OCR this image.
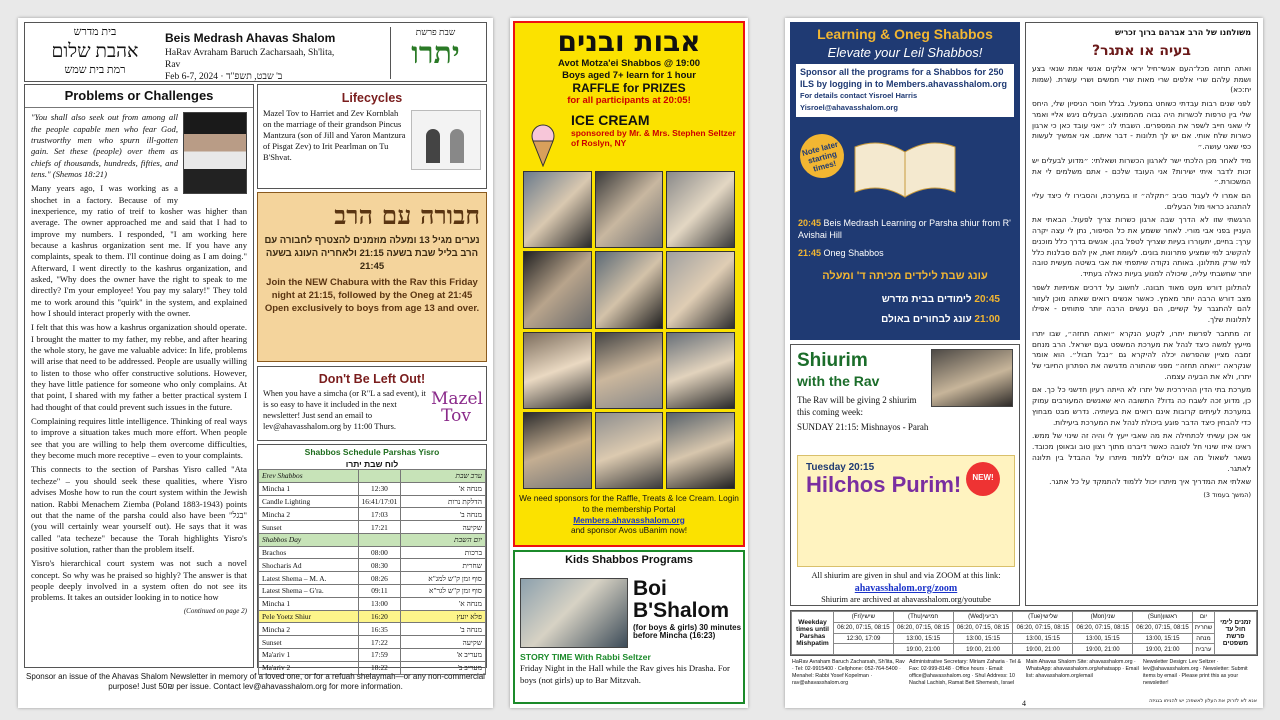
בית מדרש
אהבת שלום
רמת בית שמש
Beis Medrash Ahavas Shalom
HaRav Avraham Baruch Zacharsaah, Sh'lita, Rav
Feb 6-7, 2024 · ב' שבט, תשפ"ד
שבת פרשת
יתרו
Problems or Challenges

"You shall also seek out from among all the people capable men who fear God, trustworthy men who spurn ill-gotten gain. Set these (people) over them as chiefs of thousands, hundreds, fifties, and tens." (Shemos 18:21)

Many years ago, I was working as a shochet in a factory. Because of my inexperience, my ratio of treif to kosher was higher than average. The owner approached me and said that I had to improve my numbers. I responded, "I am working here because a kashrus organization sent me. If you have any complaints, speak to them. I'll continue doing as I am doing." Afterward, I went directly to the kashrus organization, and asked, "Why does the owner have the right to speak to me directly? I'm your employee! You pay my salary!" They told me to work around this "quirk" in the system, and explained how I should interact properly with the owner.

I felt that this was how a kashrus organization should operate. I brought the matter to my father, my rebbe, and after hearing the whole story, he gave me valuable advice: In life, problems will arise that need to be addressed. People are usually willing to listen to those who offer constructive solutions. However, they have little patience for someone who only complains. At that point, I shared with my father a better practical system I had thought of that could prevent such issues in the future.

Complaining requires little intelligence. Thinking of real ways to improve a situation takes much more effort. When people see that you are willing to help them overcome difficulties, they become much more receptive – even to your complaints.

This connects to the section of Parshas Yisro called "Ata techeze" – you should seek these qualities, where Yisro advises Moshe how to run the court system within the Jewish nation. Rabbi Menachem Ziemba (Poland 1883-1943) points out that the name of the parsha could also have been "בגל" (you will certainly wear yourself out). He says that it was called "ata techeze" because the Torah highlights Yisro's positive solution, rather than the problem itself.

Yisro's hierarchical court system was not such a novel concept. So why was he praised so highly? The answer is that people deeply involved in a system often do not see its problems. It takes an outsider looking in to notice how

(Continued on page 2)

Lifecycles
Mazel Tov to Harriet and Zev Kornblah on the marriage of their grandson Pincus Mantzura (son of Jill and Yaron Mantzura of Pisgat Zev) to Irit Pearlman on Tu B'Shvat.
חבורה עם הרב
נערים מגיל 13 ומעלה מוזמנים להצטרף לחבורה עם הרב בליל שבת בשעה 21:15 ולאחריה העונג בשעה 21:45
Join the NEW Chabura with the Rav this Friday night at 21:15, followed by the Oneg at 21:45 Open exclusively to boys from age 13 and over.
Don't Be Left Out!
Mazel Tov
When you have a simcha (or R"L a sad event), it is so easy to have it included in the next newsletter! Just send an email to lev@ahavasshalom.org by 11:00 Thurs.
Shabbos Schedule Parshas Yisro
לוח שבת יתרו
Erev Shabbos		ערב שבת
Mincha 1	12:30	מנחה א'
Candle Lighting	16:41/17:01	הדלקת נרות
Mincha 2	17:03	מנחה ב'
Sunset	17:21	שקיעה
Shabbos Day		יום השבת
Brachos	08:00	ברכות
Shocharis Ad	08:30	שחרית
Latest Shema – M. A.	08:26	סוף זמן ק"ש למג"א
Latest Shema – G'ra.	09:11	סוף זמן ק"ש לגר"א
Mincha 1	13:00	מנחה א'
Pele Yoetz Shiur	16:20	פלא יועץ
Mincha 2	16:35	מנחה ב'
Sunset	17:22	שקיעה
Ma'ariv 1	17:59	מעריב א'
Ma'ariv 2	18:22	מעריב ב'
Sponsor an issue of the Ahavas Shalom Newsletter in memory of a loved one, or for a refuah shelaymah—or any non-commercial purpose! Just 50₪ per issue. Contact lev@ahavasshalom.org for more information.
אבות ובנים
Avot Motza'ei Shabbos @ 19:00
Boys aged 7+ learn for 1 hour
RAFFLE for PRIZES
for all participants at 20:05!
ICE CREAM
sponsored by Mr. & Mrs. Stephen Seltzer of Roslyn, NY
We need sponsors for the Raffle, Treats & Ice Cream. Login to the membership Portal
Members.ahavasshalom.org
and sponsor Avos uBanim now!
Kids Shabbos Programs
Boi
B'Shalom
(for boys & girls) 30 minutes before Mincha (16:23)
STORY TIME With Rabbi Seltzer
Friday Night in the Hall while the Rav gives his Drasha. For boys (not girls) up to Bar Mitzvah.
Learning & Oneg Shabbos
Elevate your Leil Shabbos!
Sponsor all the programs for a Shabbos for 250 ILS by logging in to Members.ahavasshalom.org
For details contact Yisroel Harris Yisroel@ahavasshalom.org
Note later starting times!
20:45 Beis Medrash Learning or Parsha shiur from R' Avishai Hill
21:45 Oneg Shabbos
עונג שבת לילדים מכיתה ד' ומעלה
20:45 לימודים בבית מדרש
21:00 עונג לבחורים באולם
Shiurim
with the Rav
The Rav will be giving 2 shiurim this coming week:
SUNDAY 21:15: Mishnayos - Parah
NEW!
Tuesday 20:15
Hilchos Purim!
All shiurim are given in shul and via ZOOM at this link:
ahavasshalom.org/zoom
Shiurim are archived at ahavasshalom.org/youtube
משולחנו של הרב אברהם ברוך זכריש
בעיה או אתגר?

ואתה תחזה מכל־העם אנשי־חיל יראי אלקים אנשי אמת שנאי בצע ושמת עלהם שרי אלפים שרי מאות שרי חמשים ושרי עשרת. (שמות יח:כא)

לפני שנים רבות עבדתי כשוחט במפעל. בגלל חוסר הניסיון שלי, היחס שלי בין טרפות לכשרות היה גבוה מהממוצע. הבעלים ניגש אליי ואמר לי שאני חייב לשפר את המספרים. השבתי לו: ״אני עובד כאן כי ארגון כשרות שלח אותי. אם יש לך תלונות - דבר איתם. אני אמשיך לעשות כפי שאני עושה.״

מיד לאחר מכן הלכתי ישר לארגון הכשרות ושאלתי: ״מדוע לבעלים יש זכות לדבר איתי ישירות? אני העובד שלכם - אתם משלמים לי את המשכורת.״

הם אמרו לי לעבוד סביב ״תקלה״ זו במערכת, והסבירו לי כיצד עליי להתנהג כראוי מול הבעלים.

הרגשתי שזו לא הדרך שבה ארגון כשרות צריך לפעול. הבאתי את העניין בפני אבי מורי. לאחר ששמע את כל הסיפור, נתן לי עצה יקרה ערך: בחיים, יתעוררו בעיות שצריך לטפל בהן. אנשים בדרך כלל מוכנים להקשיב למי שמציע פתרונות בונים. לעומת זאת, אין להם סבלנות כלל למי שרק מתלונן. באותה נקודה שיתפתי את אבי בשיטה מעשית טובה יותר שחשבתי עליה, שיכולה למנוע בעיות כאלה בעתיד.

להתלונן דורש מעט מאוד תבונה. לחשוב על דרכים אמיתיות לשפר מצב דורש הרבה יותר מאמץ. כאשר אנשים רואים שאתה מוכן לעזור להם להתגבר על קשיים, הם נעשים הרבה יותר פתוחים - אפילו לתלונות שלך.

זה מתחבר לפרשת יתרו, לקטע הנקרא ״ואתה תחזה״, שבו יתרו מייעץ למשה כיצד לנהל את מערכת המשפט בעם ישראל. הרב מנחם זמבה מציין שהפרשה יכלה להיקרא גם ״נבל תבול״. הוא אומר שנקראה ״ואתה תחזה״ מפני שהתורה מדגישה את הפתרון החיובי של יתרו, ולא את הבעיה עצמה.

מערכת בתי הדין ההיררכית של יתרו לא הייתה רעיון חדשני כל כך. אם כן, מדוע זכה לשבח כה גדול? התשובה היא שאנשים המעורבים עמוק במערכת לעיתים קרובות אינם רואים את בעיותיה. נדרש מבט מבחוץ כדי להבחין כיצד הדבר פוגע ביכולת לנהל את המערכת ביעילות.

אני אכן עשיתי לכתחילה את מה שאבי ייעץ לי והיה זה שינוי של ממש. ראינו איזו שינוי חל לטובה כאשר דיברנו מתוך רצון טוב ובאופן מכובד. נשאר לשאול מה אנו יכולים ללמוד מיתרו על ההבדל בין תלונה לאתגר.

שאלתי את המדריך איך מיתרו יכול ללמוד להתמקד על כל אתגר.

(המשך בעמוד 3)

Weekday times until Parshas Mishpatim	(Fri)שישי	(Thu)חמישי	(Wed)רביעי	(Tue)שלישי	(Mon)שני	(Sun)ראשון	יום	זמנים לימי חול עד פרשת משפטים
	06:20, 07:15, 08:15	06:20, 07:15, 08:15	06:20, 07:15, 08:15	06:20, 07:15, 08:15	06:20, 07:15, 08:15	06:20, 07:15, 08:15	שחרית	
	12:30, 17:09	13:00, 15:15	13:00, 15:15	13:00, 15:15	13:00, 15:15	13:00, 15:15	מנחה	
		19:00, 21:00	19:00, 21:00	19:00, 21:00	19:00, 21:00	19:00, 21:00	ערבית	
HaRav Avraham Baruch Zacharsah, Sh'lita, Rav · Tel: 02-9915400 · Cellphone: 052-764-5400 · Menahel: Rabbi Yosef Kopelman · rav@ahavasshalom.org
Administrative Secretary: Miriam Zaharia · Tel & Fax: 02-999-8148 · Office hours · Email: office@ahavasshalom.org · Shul Address: 10 Nachal Lachish, Ramat Beit Shemesh, Israel
Main Ahavas Shalom Site: ahavasshalom.org · WhatsApp: ahavasshalom.org/whatsapp · Email list: ahavasshalom.org/email
Newsletter Design: Lev Seltzer · lev@ahavasshalom.org · Newsletter: Submit items by email · Please print this as your newsletter!
אנא לא לזרוק את העלון לאשפה; יש להניחו בגניזה
4
